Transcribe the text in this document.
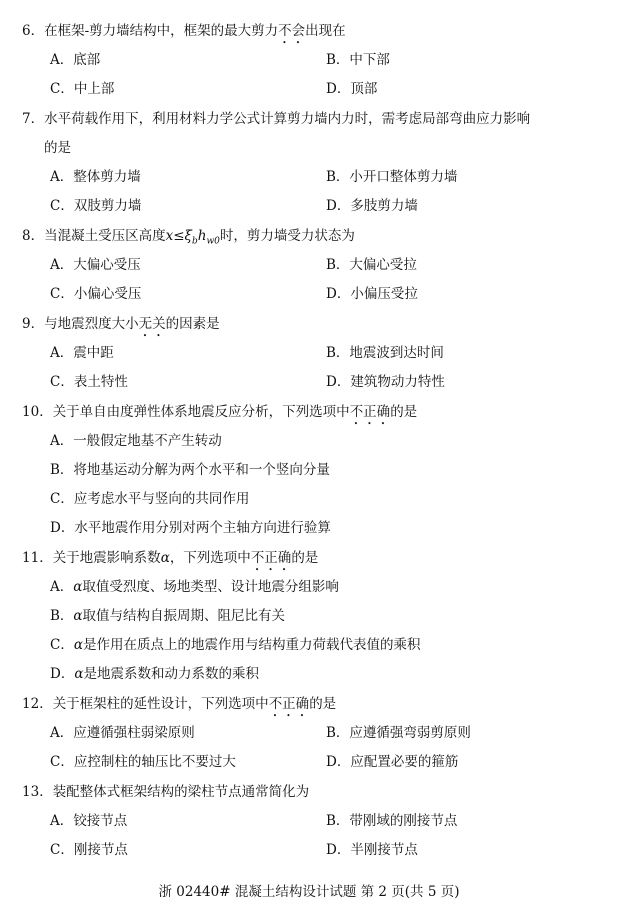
6．在框架-剪力墙结构中，框架的最大剪力不会出现在
A．底部	B．中下部
C．中上部	D．顶部
7．水平荷载作用下，利用材料力学公式计算剪力墙内力时，需考虑局部弯曲应力影响
的是
A．整体剪力墙	B．小开口整体剪力墙
C．双肢剪力墙	D．多肢剪力墙
8．当混凝土受压区高度$x\le\xi_bh_{w0}$时，剪力墙受力状态为
A．大偏心受压	B．大偏心受拉
C．小偏心受压	D．小偏压受拉
9．与地震烈度大小无关的因素是
A．震中距	B．地震波到达时间
C．表土特性	D．建筑物动力特性
10．关于单自由度弹性体系地震反应分析，下列选项中不正确的是
A．一般假定地基不产生转动
B．将地基运动分解为两个水平和一个竖向分量
C．应考虑水平与竖向的共同作用
D．水平地震作用分别对两个主轴方向进行验算
11．关于地震影响系数α，下列选项中不正确的是
A．α取值受烈度、场地类型、设计地震分组影响
B．α取值与结构自振周期、阻尼比有关
C．α是作用在质点上的地震作用与结构重力荷载代表值的乘积
D．α是地震系数和动力系数的乘积
12．关于框架柱的延性设计，下列选项中不正确的是
A．应遵循强柱弱梁原则	B．应遵循强弯弱剪原则
C．应控制柱的轴压比不要过大	D．应配置必要的箍筋
13．装配整体式框架结构的梁柱节点通常简化为
A．铰接节点	B．带刚域的刚接节点
C．刚接节点	D．半刚接节点
浙 02440# 混凝土结构设计试题 第 2 页(共 5 页)
